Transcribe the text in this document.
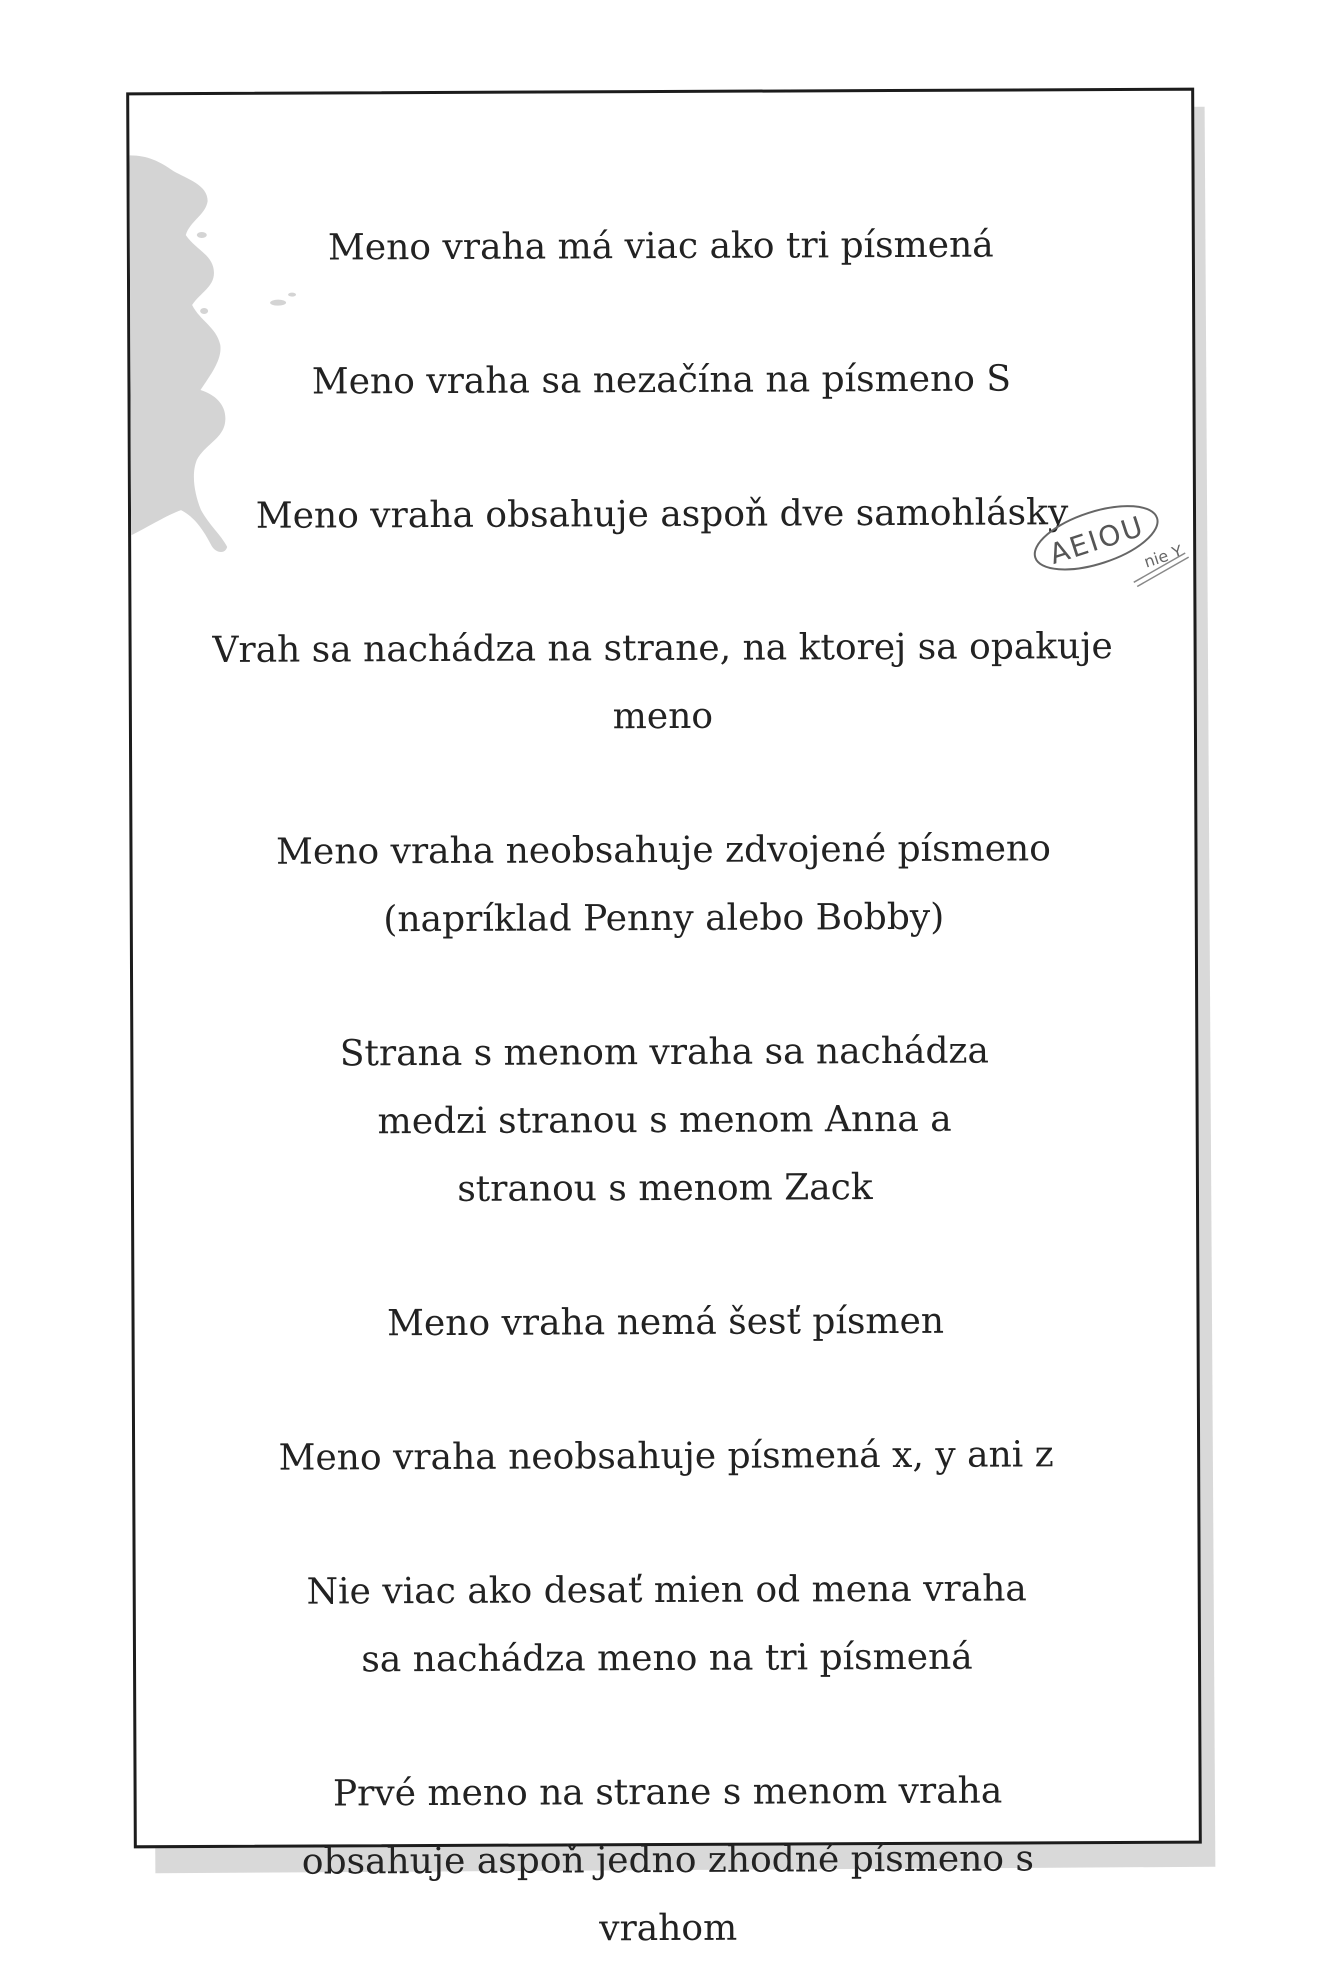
Meno vraha má viac ako tri písmená
Meno vraha sa nezačína na písmeno S
Meno vraha obsahuje aspoň dve samohlásky
Vrah sa nachádza na strane, na ktorej sa opakuje meno
Meno vraha neobsahuje zdvojené písmeno (napríklad Penny alebo Bobby)
Strana s menom vraha sa nachádza medzi stranou s menom Anna a stranou s menom Zack
Meno vraha nemá šesť písmen
Meno vraha neobsahuje písmená x, y ani z
Nie viac ako desať mien od mena vraha sa nachádza meno na tri písmená
Prvé meno na strane s menom vraha obsahuje aspoň jedno zhodné písmeno s vrahom
AEIOU
nie Y
